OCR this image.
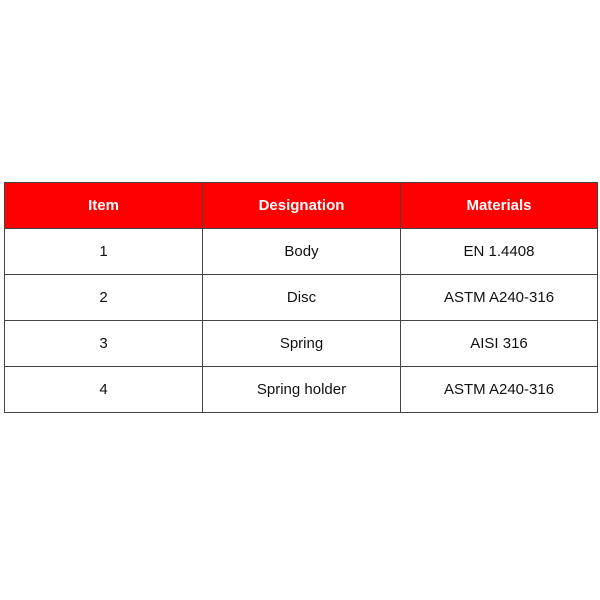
Item	Designation	Materials
1	Body	EN 1.4408
2	Disc	ASTM A240-316
3	Spring	AISI 316
4	Spring holder	ASTM A240-316
